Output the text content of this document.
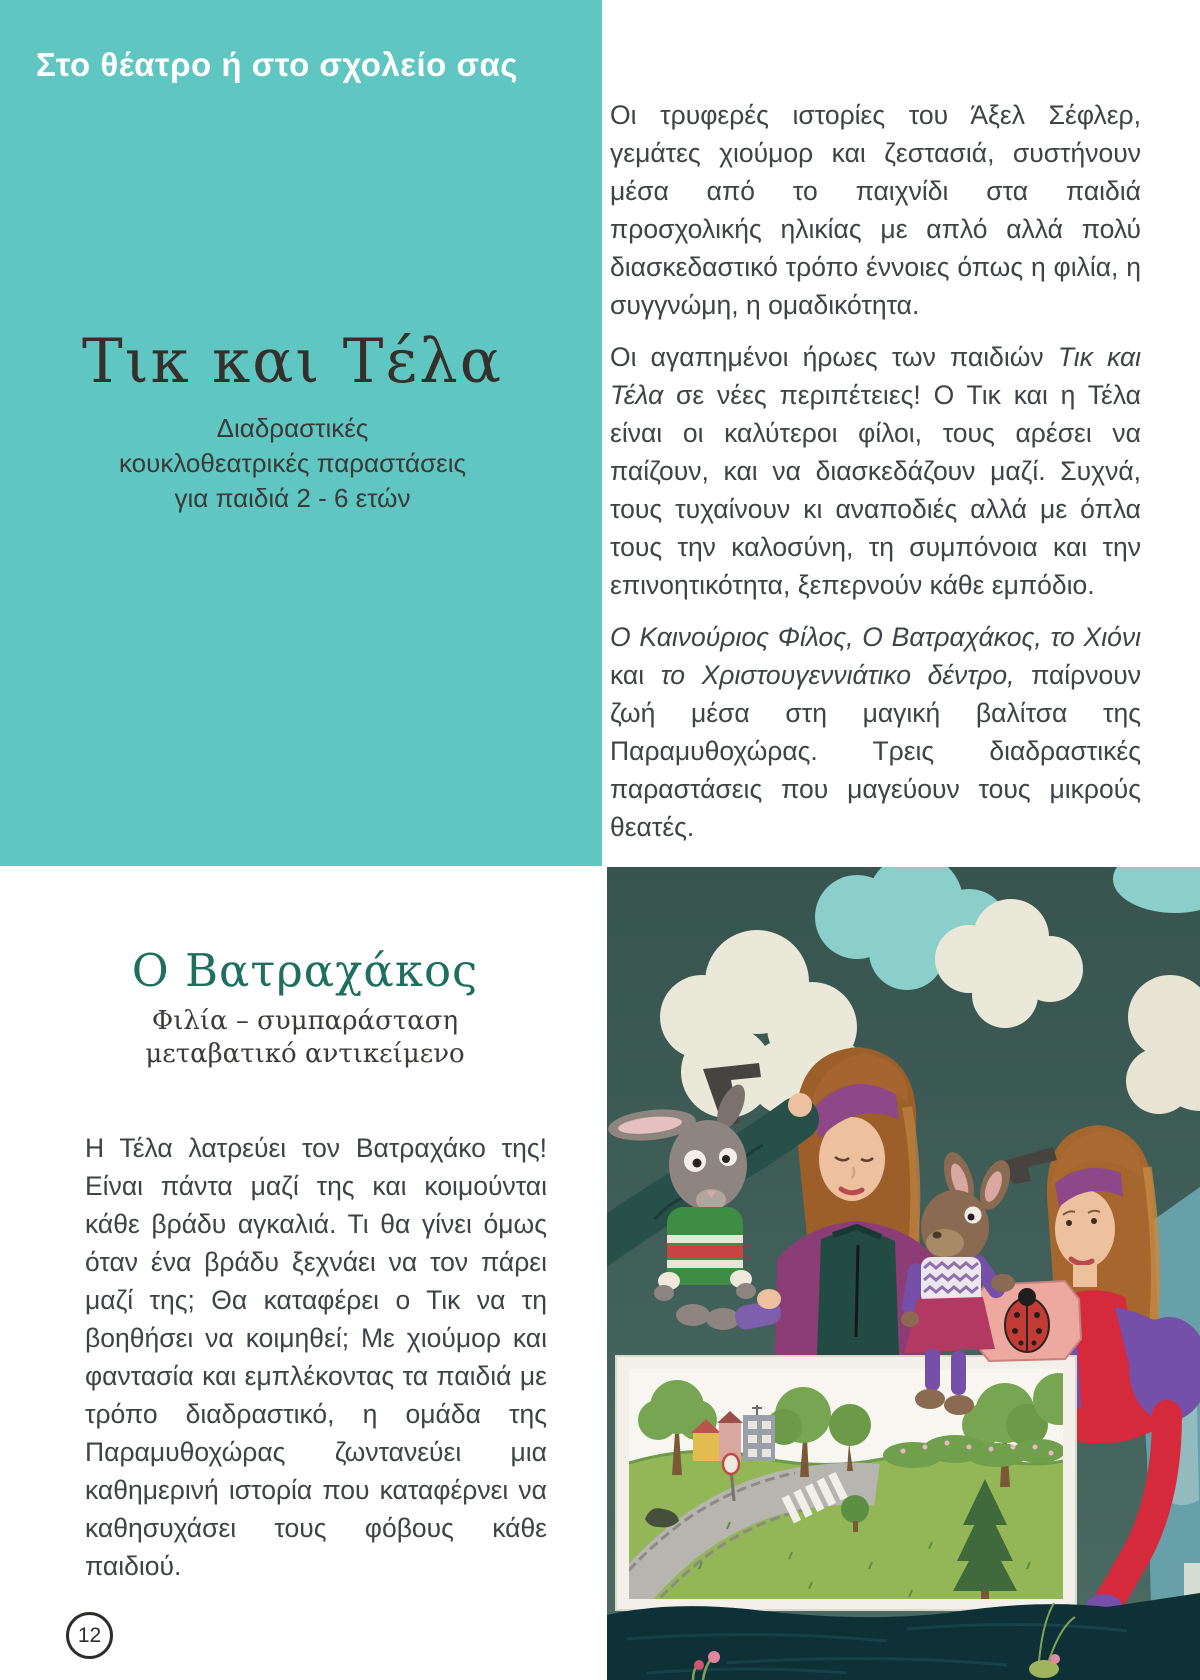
Στο θέατρο ή στο σχολείο σας
Τικ και Τέλα
Διαδραστικές
κουκλοθεατρικές παραστάσεις
για παιδιά 2 - 6 ετών

Οι τρυφερές ιστορίες του Άξελ Σέφλερ, γεμάτες χιούμορ και ζεστασιά, συστήνουν μέσα από το παιχνίδι στα παιδιά προσχολικής ηλικίας με απλό αλλά πολύ διασκεδαστικό τρόπο έννοιες όπως η φιλία, η συγγνώμη, η ομαδικότητα.

Οι αγαπημένοι ήρωες των παιδιών Τικ και Τέλα σε νέες περιπέτειες! Ο Τικ και η Τέλα είναι οι καλύτεροι φίλοι, τους αρέσει να παίζουν, και να διασκεδάζουν μαζί. Συχνά, τους τυχαίνουν κι αναποδιές αλλά με όπλα τους την καλοσύνη, τη συμπόνοια και την επινοητικότητα, ξεπερνούν κάθε εμπόδιο.

Ο Καινούριος Φίλος, Ο Βατραχάκος, το Χιόνι και το Χριστουγεννιάτικο δέντρο, παίρνουν ζωή μέσα στη μαγική βαλίτσα της Παραμυθοχώρας. Τρεις διαδραστικές παραστάσεις που μαγεύουν τους μικρούς θεατές.

Ο Βατραχάκος
Φιλία – συμπαράσταση
μεταβατικό αντικείμενο

Η Τέλα λατρεύει τον Βατραχάκο της! Είναι πάντα μαζί της και κοιμούνται κάθε βράδυ αγκαλιά. Τι θα γίνει όμως όταν ένα βράδυ ξεχνάει να τον πάρει μαζί της; Θα καταφέρει ο Τικ να τη βοηθήσει να κοιμηθεί; Με χιούμορ και φαντασία και εμπλέκοντας τα παιδιά με τρόπο διαδραστικό, η ομάδα της Παραμυθοχώρας ζωντανεύει μια καθημερινή ιστορία που καταφέρνει να καθησυχάσει τους φόβους κάθε παιδιού.

12
